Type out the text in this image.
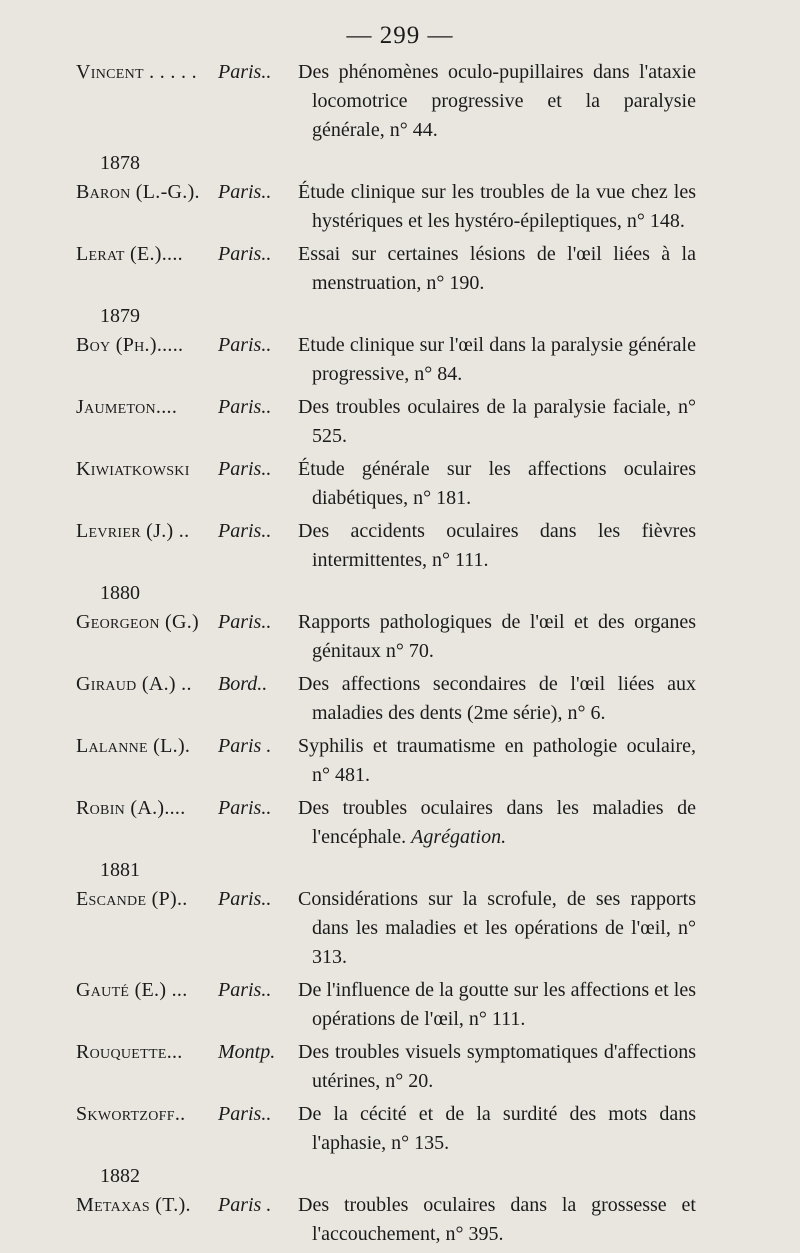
— 299 —
Vincent . . . . .	Paris..	Des phénomènes oculo-pupillaires dans l'ataxie locomotrice progressive et la paralysie générale, n° 44.
1878
Baron (L.-G.). Paris..	Étude clinique sur les troubles de la vue chez les hystériques et les hystéro-épileptiques, n° 148.
Lerat (E.)....	Paris..	Essai sur certaines lésions de l'œil liées à la menstruation, n° 190.
1879
Boy (Ph.).....	Paris..	Etude clinique sur l'œil dans la paralysie générale progressive, n° 84.
Jaumeton....	Paris..	Des troubles oculaires de la paralysie faciale, n° 525.
Kiwiatkowski	Paris..	Étude générale sur les affections oculaires diabétiques, n° 181.
Levrier (J.) ..	Paris..	Des accidents oculaires dans les fièvres intermittentes, n° 111.
1880
Georgeon (G.) Paris..	Rapports pathologiques de l'œil et des organes génitaux n° 70.
Giraud (A.) ..	Bord..	Des affections secondaires de l'œil liées aux maladies des dents (2me série), n° 6.
Lalanne (L.).	Paris .	Syphilis et traumatisme en pathologie oculaire, n° 481.
Robin (A.)....	Paris..	Des troubles oculaires dans les maladies de l'encéphale. Agrégation.
1881
Escande (P)..	Paris..	Considérations sur la scrofule, de ses rapports dans les maladies et les opérations de l'œil, n° 313.
Gauté (E.) ...	Paris..	De l'influence de la goutte sur les affections et les opérations de l'œil, n° 111.
Rouquette...	Montp.	Des troubles visuels symptomatiques d'affections utérines, n° 20.
Skwortzoff..	Paris..	De la cécité et de la surdité des mots dans l'aphasie, n° 135.
1882
Metaxas (T.).	Paris .	Des troubles oculaires dans la grossesse et l'accouchement, n° 395.
